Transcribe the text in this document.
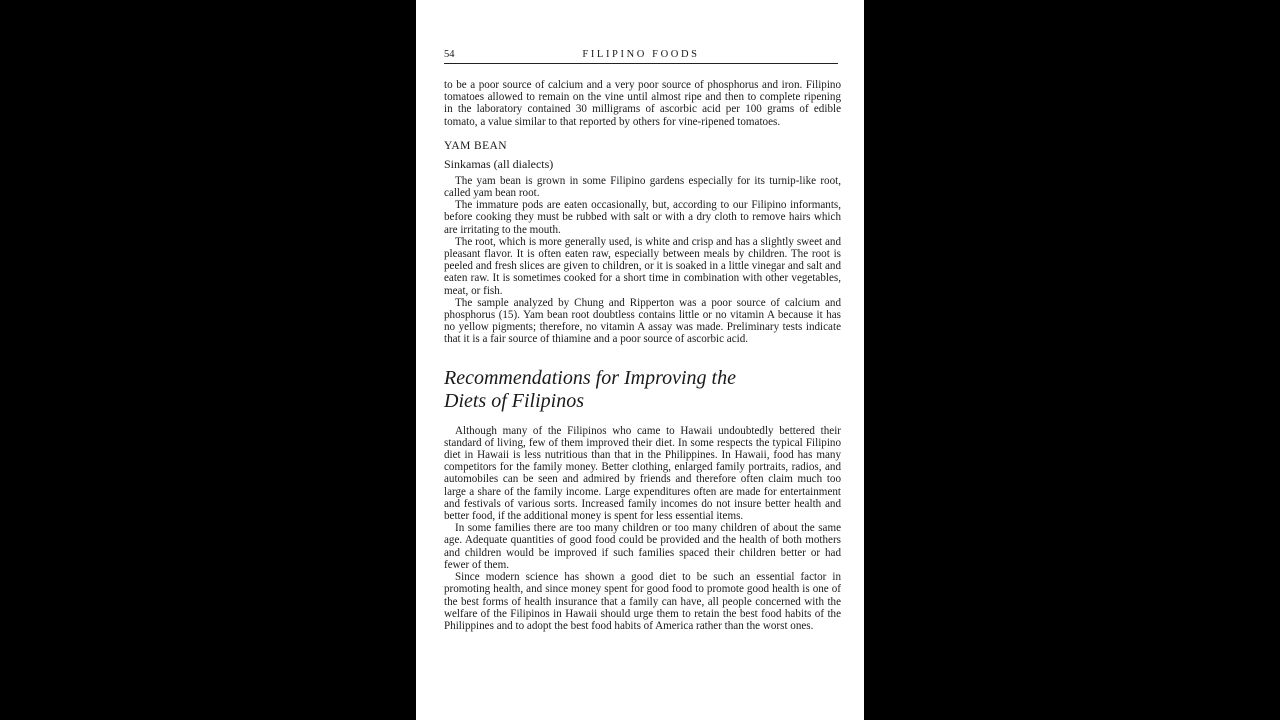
54	FILIPINO FOODS

to be a poor source of calcium and a very poor source of phosphorus and iron. Filipino tomatoes allowed to remain on the vine until almost ripe and then to complete ripening in the laboratory contained 30 milligrams of ascorbic acid per 100 grams of edible tomato, a value similar to that reported by others for vine-ripened tomatoes.

YAM BEAN
Sinkamas (all dialects)

The yam bean is grown in some Filipino gardens especially for its turnip-like root, called yam bean root.

The immature pods are eaten occasionally, but, according to our Filipino informants, before cooking they must be rubbed with salt or with a dry cloth to remove hairs which are irritating to the mouth.

The root, which is more generally used, is white and crisp and has a slightly sweet and pleasant flavor. It is often eaten raw, especially between meals by children. The root is peeled and fresh slices are given to children, or it is soaked in a little vinegar and salt and eaten raw. It is sometimes cooked for a short time in combination with other vegetables, meat, or fish.

The sample analyzed by Chung and Ripperton was a poor source of calcium and phosphorus (15). Yam bean root doubtless contains little or no vitamin A because it has no yellow pigments; therefore, no vitamin A assay was made. Preliminary tests indicate that it is a fair source of thiamine and a poor source of ascorbic acid.

Recommendations for Improving the
Diets of Filipinos

Although many of the Filipinos who came to Hawaii undoubtedly bettered their standard of living, few of them improved their diet. In some respects the typical Filipino diet in Hawaii is less nutritious than that in the Philippines. In Hawaii, food has many competitors for the family money. Better clothing, enlarged family portraits, radios, and automobiles can be seen and admired by friends and therefore often claim much too large a share of the family income. Large expenditures often are made for entertainment and festivals of various sorts. Increased family incomes do not insure better health and better food, if the additional money is spent for less essential items.

In some families there are too many children or too many children of about the same age. Adequate quantities of good food could be provided and the health of both mothers and children would be improved if such families spaced their children better or had fewer of them.

Since modern science has shown a good diet to be such an essential factor in promoting health, and since money spent for good food to promote good health is one of the best forms of health insurance that a family can have, all people concerned with the welfare of the Filipinos in Hawaii should urge them to retain the best food habits of the Philippines and to adopt the best food habits of America rather than the worst ones.
